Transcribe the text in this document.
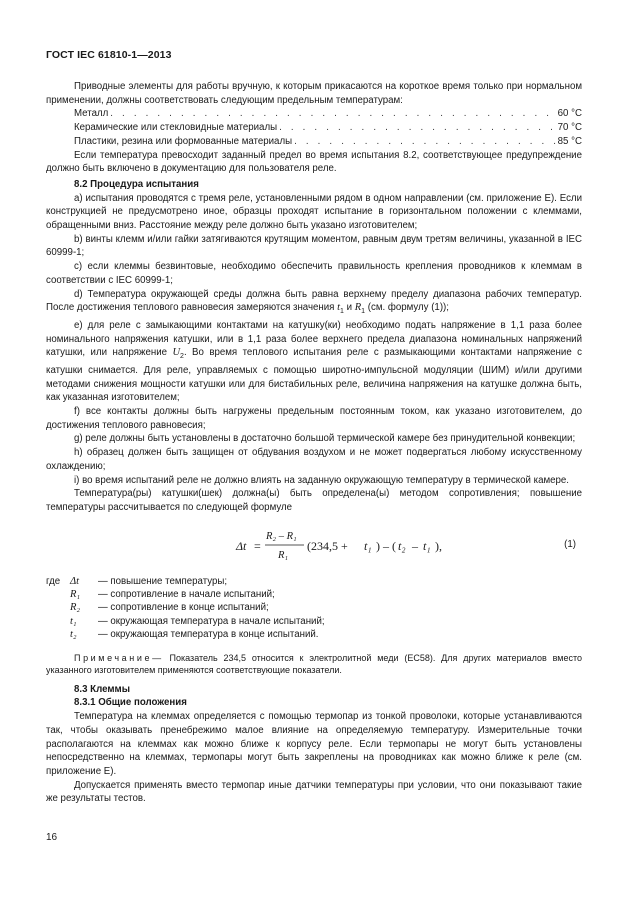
ГОСТ IEC 61810-1—2013

Приводные элементы для работы вручную, к которым прикасаются на короткое время только при нормальном применении, должны соответствовать следующим предельным температурам:

Металл . . .	60 °С
Керамические или стекловидные материалы . . .	70 °С
Пластики, резина или формованные материалы . . .	85 °С

Если температура превосходит заданный предел во время испытания 8.2, соответствующее предупреждение должно быть включено в документацию для пользователя реле.

8.2 Процедура испытания

а) испытания проводятся с тремя реле, установленными рядом в одном направлении (см. приложение Е). Если конструкцией не предусмотрено иное, образцы проходят испытание в горизонтальном положении с клеммами, обращенными вниз. Расстояние между реле должно быть указано изготовителем;

b) винты клемм и/или гайки затягиваются крутящим моментом, равным двум третям величины, указанной в IEC 60999-1;

c) если клеммы безвинтовые, необходимо обеспечить правильность крепления проводников к клеммам в соответствии с IEC 60999-1;

d) Температура окружающей среды должна быть равна верхнему пределу диапазона рабочих температур. После достижения теплового равновесия замеряются значения $t_1$ и $R_1$ (см. формулу (1));

е) для реле с замыкающими контактами на катушку(ки) необходимо подать напряжение в 1,1 раза более номинального напряжения катушки, или в 1,1 раза более верхнего предела диапазона номинальных напряжений катушки, или напряжение $U_2$. Во время теплового испытания реле с размыкающими контактами напряжение с катушки снимается. Для реле, управляемых с помощью широтно-импульсной модуляции (ШИМ) и/или другими методами снижения мощности катушки или для бистабильных реле, величина напряжения на катушке должна быть, как указанная изготовителем;

f) все контакты должны быть нагружены предельным постоянным током, как указано изготовителем, до достижения теплового равновесия;

g) реле должны быть установлены в достаточно большой термической камере без принудительной конвекции;

h) образец должен быть защищен от обдувания воздухом и не может подвергаться любому искусственному охлаждению;

i) во время испытаний реле не должно влиять на заданную окружающую температуру в термической камере.

Температура(ры) катушки(шек) должна(ы) быть определена(ы) методом сопротивления; повышение температуры рассчитывается по следующей формуле

Δt =
R₂ – R₁
R₁
(234,5 + t₁ ) – ( t₂ – t₁ ),	(1)
где Δt	— повышение температуры;
R₁	— сопротивление в начале испытаний;
R₂	— сопротивление в конце испытаний;
t₁	— окружающая температура в начале испытаний;
t₂	— окружающая температура в конце испытаний.

Примечание— Показатель 234,5 относится к электролитной меди (ЕС58). Для других материалов вместо указанного изготовителем применяются соответствующие показатели.

8.3 Клеммы
8.3.1 Общие положения

Температура на клеммах определяется с помощью термопар из тонкой проволоки, которые устанавливаются так, чтобы оказывать пренебрежимо малое влияние на определяемую температуру. Измерительные точки располагаются на клеммах как можно ближе к корпусу реле. Если термопары не могут быть установлены непосредственно на клеммах, термопары могут быть закреплены на проводниках как можно ближе к реле (см. приложение Е).

Допускается применять вместо термопар иные датчики температуры при условии, что они показывают такие же результаты тестов.

16
